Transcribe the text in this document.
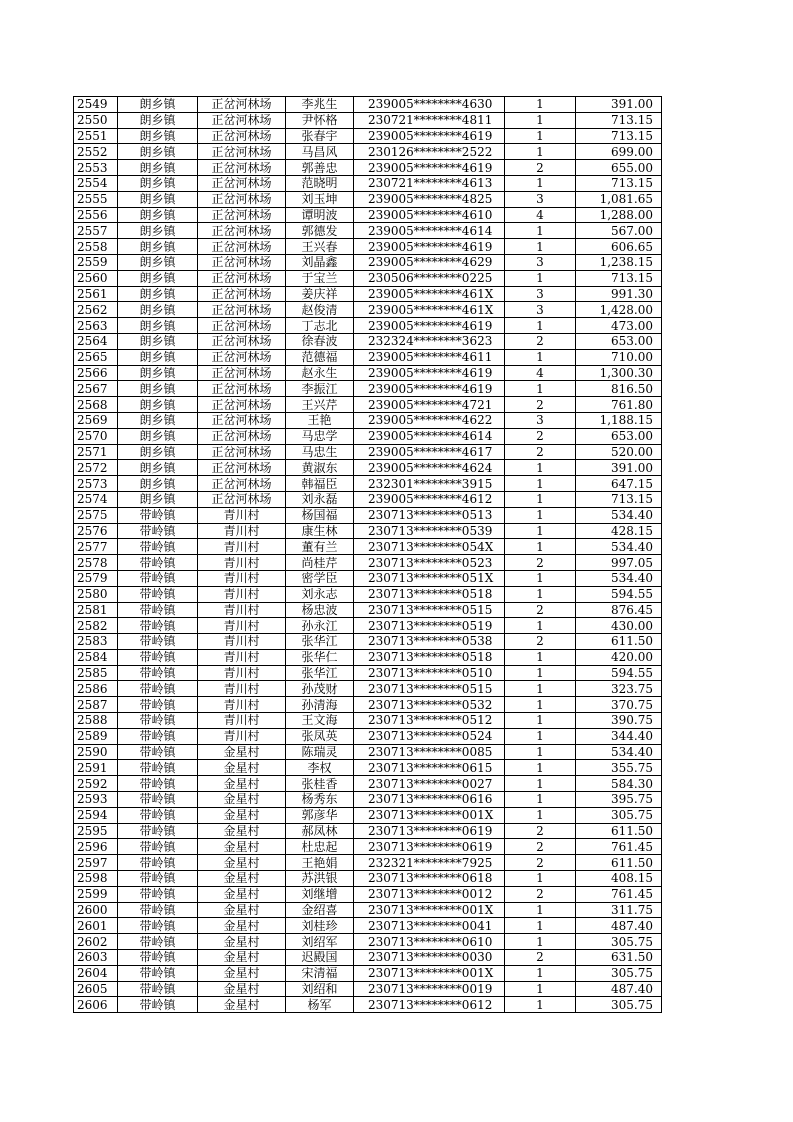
2549	朗乡镇	正岔河林场	李兆生	239005********4630	1	391.00
2550	朗乡镇	正岔河林场	尹怀格	230721********4811	1	713.15
2551	朗乡镇	正岔河林场	张春宇	239005********4619	1	713.15
2552	朗乡镇	正岔河林场	马昌风	230126********2522	1	699.00
2553	朗乡镇	正岔河林场	郭善忠	239005********4619	2	655.00
2554	朗乡镇	正岔河林场	范晓明	230721********4613	1	713.15
2555	朗乡镇	正岔河林场	刘玉坤	239005********4825	3	1,081.65
2556	朗乡镇	正岔河林场	谭明波	239005********4610	4	1,288.00
2557	朗乡镇	正岔河林场	郭德发	239005********4614	1	567.00
2558	朗乡镇	正岔河林场	王兴春	239005********4619	1	606.65
2559	朗乡镇	正岔河林场	刘晶鑫	239005********4629	3	1,238.15
2560	朗乡镇	正岔河林场	于宝兰	230506********0225	1	713.15
2561	朗乡镇	正岔河林场	姜庆祥	239005********461X	3	991.30
2562	朗乡镇	正岔河林场	赵俊清	239005********461X	3	1,428.00
2563	朗乡镇	正岔河林场	丁志北	239005********4619	1	473.00
2564	朗乡镇	正岔河林场	徐春波	232324********3623	2	653.00
2565	朗乡镇	正岔河林场	范德福	239005********4611	1	710.00
2566	朗乡镇	正岔河林场	赵永生	239005********4619	4	1,300.30
2567	朗乡镇	正岔河林场	李振江	239005********4619	1	816.50
2568	朗乡镇	正岔河林场	王兴芹	239005********4721	2	761.80
2569	朗乡镇	正岔河林场	王艳	239005********4622	3	1,188.15
2570	朗乡镇	正岔河林场	马忠学	239005********4614	2	653.00
2571	朗乡镇	正岔河林场	马忠生	239005********4617	2	520.00
2572	朗乡镇	正岔河林场	黄淑东	239005********4624	1	391.00
2573	朗乡镇	正岔河林场	韩福臣	232301********3915	1	647.15
2574	朗乡镇	正岔河林场	刘永磊	239005********4612	1	713.15
2575	带岭镇	青川村	杨国福	230713********0513	1	534.40
2576	带岭镇	青川村	康生林	230713********0539	1	428.15
2577	带岭镇	青川村	董有兰	230713********054X	1	534.40
2578	带岭镇	青川村	尚桂芹	230713********0523	2	997.05
2579	带岭镇	青川村	密学臣	230713********051X	1	534.40
2580	带岭镇	青川村	刘永志	230713********0518	1	594.55
2581	带岭镇	青川村	杨忠波	230713********0515	2	876.45
2582	带岭镇	青川村	孙永江	230713********0519	1	430.00
2583	带岭镇	青川村	张华江	230713********0538	2	611.50
2584	带岭镇	青川村	张华仁	230713********0518	1	420.00
2585	带岭镇	青川村	张华江	230713********0510	1	594.55
2586	带岭镇	青川村	孙茂财	230713********0515	1	323.75
2587	带岭镇	青川村	孙清海	230713********0532	1	370.75
2588	带岭镇	青川村	王文海	230713********0512	1	390.75
2589	带岭镇	青川村	张凤英	230713********0524	1	344.40
2590	带岭镇	金星村	陈瑞灵	230713********0085	1	534.40
2591	带岭镇	金星村	李权	230713********0615	1	355.75
2592	带岭镇	金星村	张桂香	230713********0027	1	584.30
2593	带岭镇	金星村	杨秀东	230713********0616	1	395.75
2594	带岭镇	金星村	郭彦华	230713********001X	1	305.75
2595	带岭镇	金星村	郝凤林	230713********0619	2	611.50
2596	带岭镇	金星村	杜忠起	230713********0619	2	761.45
2597	带岭镇	金星村	王艳娟	232321********7925	2	611.50
2598	带岭镇	金星村	苏洪银	230713********0618	1	408.15
2599	带岭镇	金星村	刘继增	230713********0012	2	761.45
2600	带岭镇	金星村	金绍喜	230713********001X	1	311.75
2601	带岭镇	金星村	刘桂珍	230713********0041	1	487.40
2602	带岭镇	金星村	刘绍军	230713********0610	1	305.75
2603	带岭镇	金星村	迟殿国	230713********0030	2	631.50
2604	带岭镇	金星村	宋清福	230713********001X	1	305.75
2605	带岭镇	金星村	刘绍和	230713********0019	1	487.40
2606	带岭镇	金星村	杨军	230713********0612	1	305.75
